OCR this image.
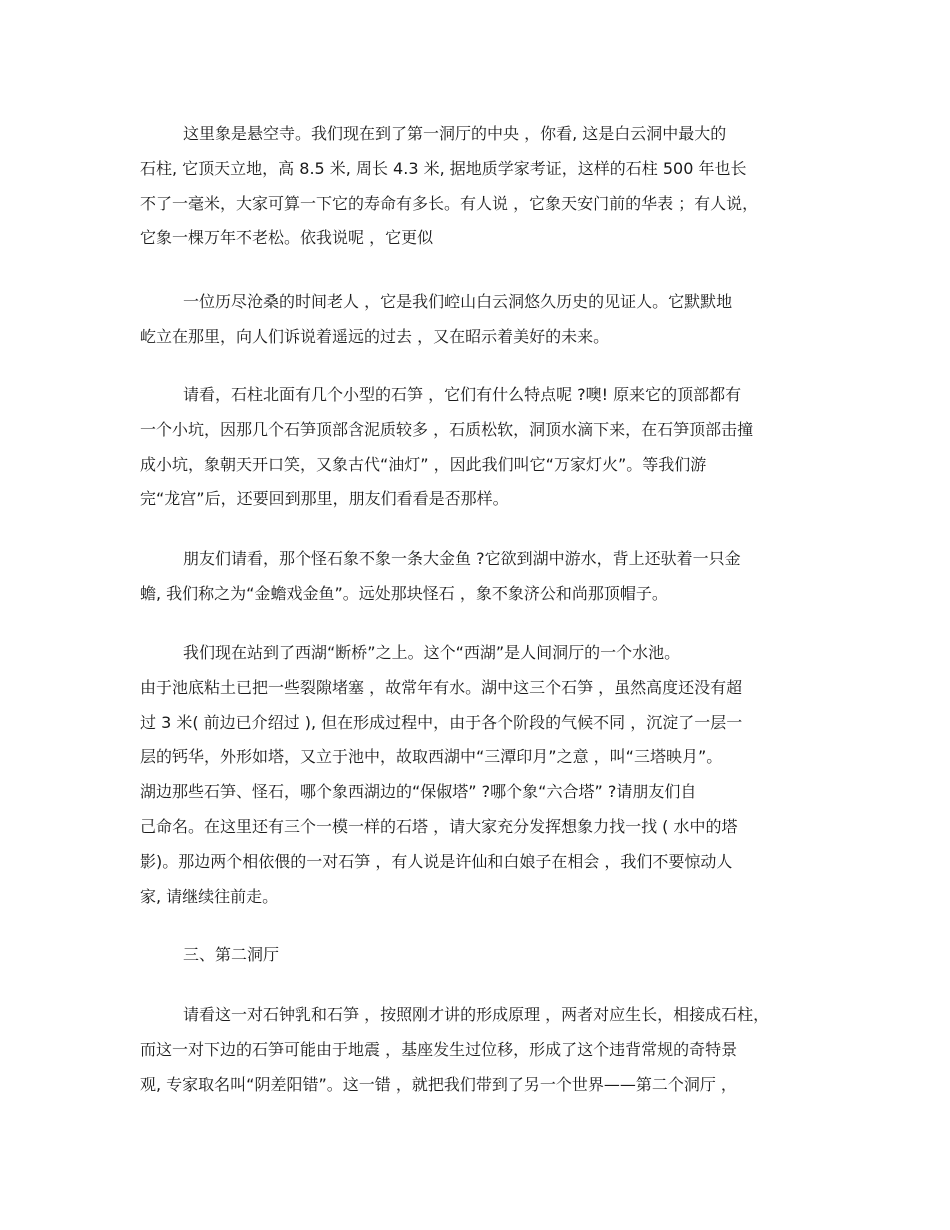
这里象是悬空寺。我们现在到了第一洞厅的中央 ，你看, 这是白云洞中最大的
石柱, 它顶天立地，高 8.5 米, 周长 4.3 米, 据地质学家考证，这样的石柱 500 年也长
不了一毫米，大家可算一下它的寿命有多长。有人说 ，它象天安门前的华表 ；有人说，
它象一棵万年不老松。依我说呢 ，它更似
一位历尽沧桑的时间老人 ，它是我们崆山白云洞悠久历史的见证人。它默默地
屹立在那里，向人们诉说着遥远的过去 ，又在昭示着美好的未来。
请看，石柱北面有几个小型的石笋 ，它们有什么特点呢 ?噢! 原来它的顶部都有
一个小坑，因那几个石笋顶部含泥质较多 ，石质松软，洞顶水滴下来，在石笋顶部击撞
成小坑，象朝天开口笑，又象古代“油灯” ，因此我们叫它“万家灯火”。等我们游
完“龙宫”后，还要回到那里，朋友们看看是否那样。
朋友们请看，那个怪石象不象一条大金鱼 ?它欲到湖中游水，背上还驮着一只金
蟾, 我们称之为“金蟾戏金鱼”。远处那块怪石 ，象不象济公和尚那顶帽子。
我们现在站到了西湖“断桥”之上。这个“西湖”是人间洞厅的一个水池。
由于池底粘土已把一些裂隙堵塞 ，故常年有水。湖中这三个石笋 ，虽然高度还没有超
过 3 米( 前边已介绍过 ), 但在形成过程中，由于各个阶段的气候不同 ，沉淀了一层一
层的钙华，外形如塔，又立于池中，故取西湖中“三潭印月”之意 ，叫“三塔映月”。
湖边那些石笋、怪石，哪个象西湖边的“保俶塔” ?哪个象“六合塔” ?请朋友们自
己命名。在这里还有三个一模一样的石塔 ，请大家充分发挥想象力找一找 ( 水中的塔
影)。那边两个相依偎的一对石笋 ，有人说是许仙和白娘子在相会 ，我们不要惊动人
家, 请继续往前走。
三、第二洞厅
请看这一对石钟乳和石笋 ，按照刚才讲的形成原理 ，两者对应生长，相接成石柱，
而这一对下边的石笋可能由于地震 ，基座发生过位移，形成了这个违背常规的奇特景
观, 专家取名叫“阴差阳错”。这一错 ，就把我们带到了另一个世界——第二个洞厅 ，
